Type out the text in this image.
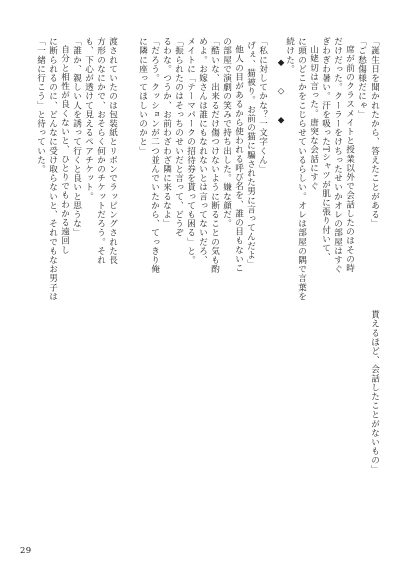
「誕生日を聞かれたから、答えたことがある」
「ご愁傷様だにゃ」
席が前のクラスメイトと授業以外で会話したのはその時
だけだった。クーラーをけちったせいかオレの部屋はすぐ
ぎわぎわ暑い。汗を吸ったTシャツが肌に張り付いて、
山姥切は言った。唐突な会話にすぐ
に頭のどこかをこじらせているらしい。オレは部屋の隅で言葉を
続けた。
◆ ◇ ◆
「私に対してかな？一文字くん」
げぇ、猫被り。お前の猫に騙された男に言ってんだよ」
他人の目があるから使われる呼び名を、誰の目もないこ
の部屋で演劇の笑みで持ち出した。嫌な顔だ。
「酷いな、出来るだけ傷つけないように断ることの気も酌
めよ。お嫁さんは誰にもなれないとは言ってないだろ、
メイトに「テーマパークの招待券を貰っても困る」と。
「振られたのはそっちのせいだと言って、どうぞ
るわな。つうか、お前わざわざ隣に来るなよ」
「だろう。クッションが二つ並んでいたから、てっきり俺
に隣に座ってほしいのかと」
貰えるほど、会話したことがないもの」
渡されていたのは包装紙とリボンでラッピングされた長
方形のなにかで、おそらく何かのチケットだろう。それ
も、下心が透けて見えるペアチケット。
「誰か、親しい人を誘って行くと良いと思うな」
自分と相性が良くないと、ひとりでもわかる遠回し
に断られるのに、どんなに受け取らないと、それでもなお男子は
「一緒に行こう」と待っていた。
29
